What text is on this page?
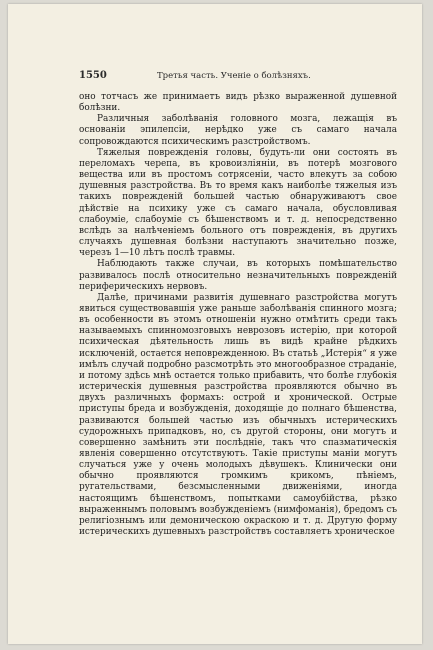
1550	Третья часть. Ученіе о болѣзняхъ.

оно тотчасъ же принимаетъ видъ рѣзко выраженной душевной болѣзни.

Различныя заболѣванія головного мозга, лежащія въ основаніи эпилепсіи, нерѣдко уже съ самаго начала сопровождаются психическимъ разстройствомъ.

Тяжелыя поврежденія головы, будуть-ли они состоять въ переломахъ черепа, въ кровоизліяніи, въ потерѣ мозгового вещества или въ простомъ сотрясеніи, часто влекутъ за собою душевныя разстройства. Въ то время какъ наиболѣе тяжелыя изъ такихъ поврежденій большей частью обнаруживаютъ свое дѣйствіе на психику уже съ самаго начала, обусловливая слабоумiе, слабоумiе съ бѣшенствомъ и т. д. непосредственно вслѣдъ за налѣченіемъ больного отъ поврежденія, въ другихъ случаяхъ душевная болѣзни наступаютъ значительно позже, черезъ 1—10 лѣтъ послѣ травмы.

Наблюдають также случаи, въ которыхъ помѣшательство развивалось послѣ относительно незначительныхъ поврежденій периферическихъ нервовъ.

Далѣе, причинами развитія душевнаго разстройства могутъ явиться существовавшія уже раньше заболѣванія спинного мозга; въ особенности въ этомъ отношеніи нужно отмѣтить среди такъ называемыхъ спинномозговыхъ неврозовъ истерію, при которой психическая дѣятельность лишь въ видѣ крайне рѣдкихъ исключеній, остается неповрежденною. Въ статьѣ „Истерія“ я уже имѣлъ случай подробно разсмотрѣть это многообразное страданіе, и потому здѣсь мнѣ остается только прибавить, что болѣе глубокія истерическія душевныя разстройства проявляются обычно въ двухъ различныхъ формахъ: острой и хронической. Острые приступы бреда и возбужденія, доходящіе до полнаго бѣшенства, развиваются большей частью изъ обычныхъ истерическихъ судорожныхъ припадковъ, но, съ другой стороны, они могутъ и совершенно замѣнить эти послѣдніе, такъ что спазматическія явленія совершенно отсутствуютъ. Такіе приступы маніи могутъ случаться уже у очень молодыхъ дѣвушекъ. Клинически они обычно проявляются громкимъ крикомъ, пѣніемъ, ругательствами, безсмысленными движеніями, иногда настоящимъ бѣшенствомъ, попытками самоубійства, рѣзко выраженнымъ половымъ возбужденіемъ (нимфоманія), бредомъ съ религіознымъ или демоническою окраскою и т. д. Другую форму истерическихъ душевныхъ разстройствъ составляетъ хроническое
